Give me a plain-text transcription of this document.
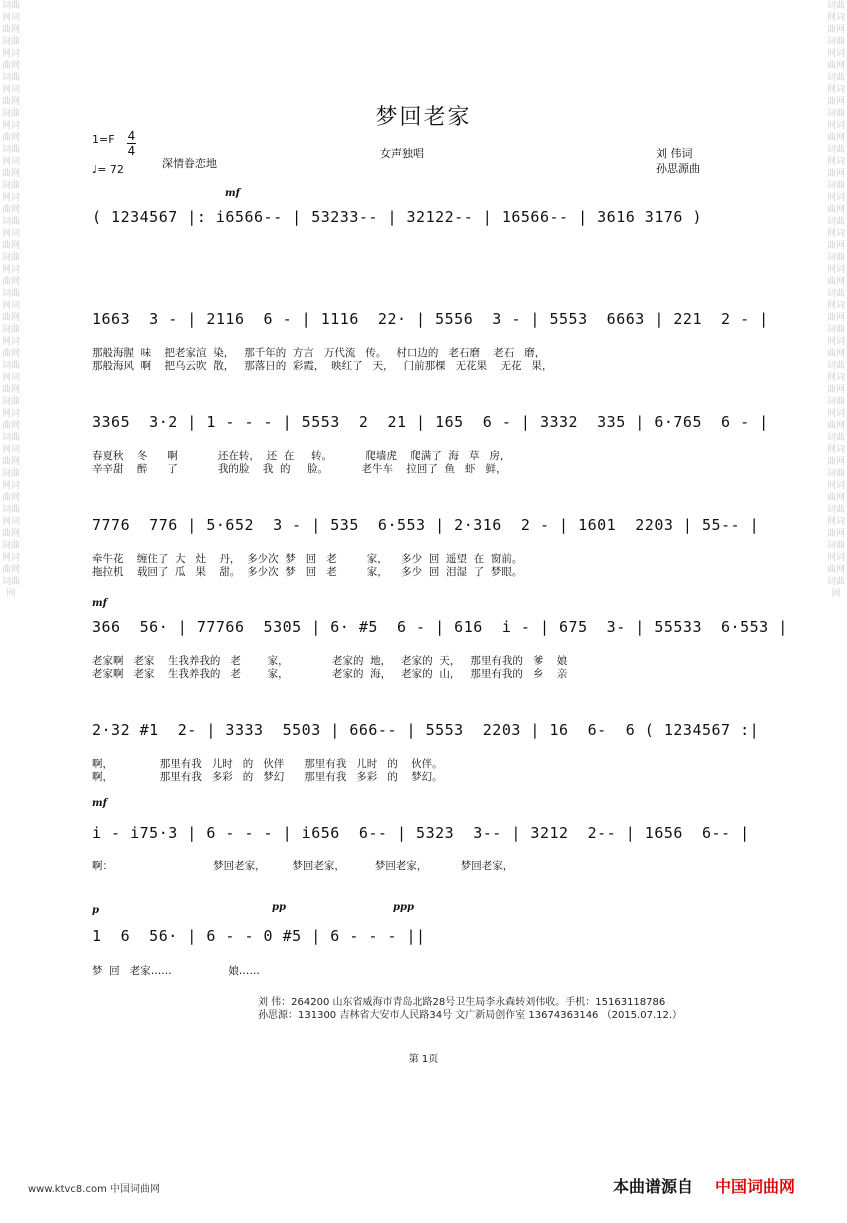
词曲网词曲网词曲网词曲网词曲网词曲网词曲网词曲网词曲网词曲网词曲网词曲网词曲网词曲网词曲网词曲网词曲网词曲网词曲网词曲网词曲网词曲网词曲网词曲网词曲网词曲网词曲网词曲网词曲网词曲网词曲网词曲网词曲网
词曲网词曲网词曲网词曲网词曲网词曲网词曲网词曲网词曲网词曲网词曲网词曲网词曲网词曲网词曲网词曲网词曲网词曲网词曲网词曲网词曲网词曲网词曲网词曲网词曲网词曲网词曲网词曲网词曲网词曲网词曲网词曲网词曲网
梦回老家
1=F 4
4
♩= 72	深情眷恋地
女声独唱	刘 伟词
孙思源曲
mf
mf
mf
p	pp	ppp
( 1234567 |: i6566-- | 53233-- | 32122-- | 16566-- | 3616 3176 )
1663  3 - | 2116  6 - | 1116  22· | 5556  3 - | 5553  6663 | 221  2 - |
那般海腥  味    把老家渲  染，   那千年的  方言   万代流   传。   村口边的   老石磨    老石   磨，
那般海风  啊    把乌云吹  散，   那落日的  彩霞，  映红了   天，   门前那棵   无花果    无花   果，
3365  3·2 | 1 - - - | 5553  2  21 | 165  6 - | 3332  335 | 6·765  6 - |
春夏秋    冬      啊            还在转，  还  在     转。          爬墙虎    爬满了  海   草   房，
辛辛甜    醉      了            我的脸    我  的     脸。          老牛车    拉回了  鱼   虾   鲜，
7776  776 | 5·652  3 - | 535  6·553 | 2·316  2 - | 1601  2203 | 55-- |
牵牛花    缠住了  大   灶    丹，  多少次  梦   回   老         家，    多少  回  遥望  在  窗前。
拖拉机    载回了  瓜   果    甜。  多少次  梦   回   老         家，    多少  回  泪湿  了  梦眼。
366  56· | 77766  5305 | 6· #5  6 - | 616  i - | 675  3- | 55533  6·553 |
老家啊   老家    生我养我的   老        家，             老家的  地，   老家的  天，   那里有我的   爹    娘
老家啊   老家    生我养我的   老        家，             老家的  海，   老家的  山，   那里有我的   乡    亲
2·32 #1  2- | 3333  5503 | 666-- | 5553  2203 | 16  6-  6 ( 1234567 :|
啊，              那里有我   儿时   的   伙伴      那里有我   儿时   的    伙伴。
啊，              那里有我   多彩   的   梦幻      那里有我   多彩   的    梦幻。
i - i75·3 | 6 - - - | i656  6-- | 5323  3-- | 3212  2-- | 1656  6-- |
啊：                              梦回老家，        梦回老家，         梦回老家，          梦回老家，
1  6  56· | 6 - - 0 #5 | 6 - - - ||
梦  回   老家……                 娘……
刘 伟：264200 山东省威海市青岛北路28号卫生局李永森转刘伟收。手机：15163118786
孙思源：131300 吉林省大安市人民路34号 文广新局创作室 13674363146 （2015.07.12.）
第 1页
www.ktvc8.com 中国词曲网	本曲谱源自 中国词曲网
